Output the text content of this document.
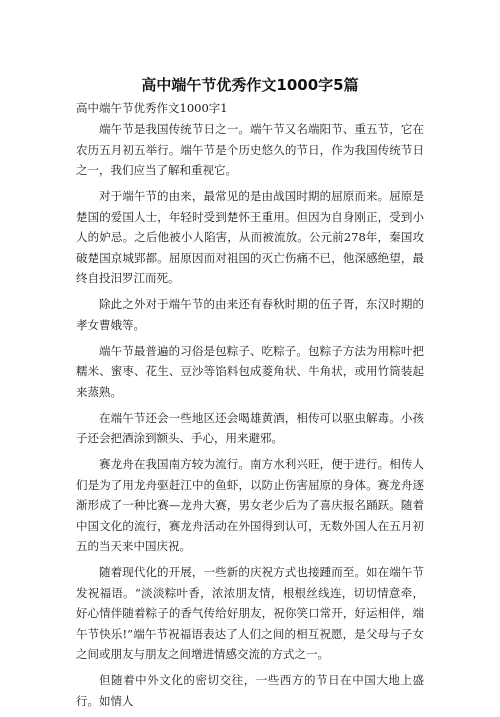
高中端午节优秀作文1000字5篇
高中端午节优秀作文1000字1

端午节是我国传统节日之一。端午节又名端阳节、重五节，它在农历五月初五举行。端午节是个历史悠久的节日，作为我国传统节日之一，我们应当了解和重视它。

对于端午节的由来，最常见的是由战国时期的屈原而来。屈原是楚国的爱国人士，年轻时受到楚怀王重用。但因为自身刚正，受到小人的妒忌。之后他被小人陷害，从而被流放。公元前278年，秦国攻破楚国京城郢都。屈原因而对祖国的灭亡伤痛不已，他深感绝望，最终自投汨罗江而死。

除此之外对于端午节的由来还有春秋时期的伍子胥，东汉时期的孝女曹娥等。

端午节最普遍的习俗是包粽子、吃粽子。包粽子方法为用粽叶把糯米、蜜枣、花生、豆沙等馅料包成菱角状、牛角状，或用竹筒装起来蒸熟。

在端午节还会一些地区还会喝雄黄酒，相传可以驱虫解毒。小孩子还会把酒涂到额头、手心，用来避邪。

赛龙舟在我国南方较为流行。南方水利兴旺，便于进行。相传人们是为了用龙舟驱赶江中的鱼虾，以防止伤害屈原的身体。赛龙舟逐渐形成了一种比赛—龙舟大赛，男女老少后为了喜庆报名踊跃。随着中国文化的流行，赛龙舟活动在外国得到认可，无数外国人在五月初五的当天来中国庆祝。

随着现代化的开展，一些新的庆祝方式也接踵而至。如在端午节发祝福语。“淡淡粽叶香，浓浓朋友情，根根丝线连，切切情意牵，好心情伴随着粽子的香气传给好朋友，祝你笑口常开，好运相伴，端午节快乐!”端午节祝福语表达了人们之间的相互祝愿，是父母与子女之间或朋友与朋友之间增进情感交流的方式之一。

但随着中外文化的密切交往，一些西方的节日在中国大地上盛行。如情人
